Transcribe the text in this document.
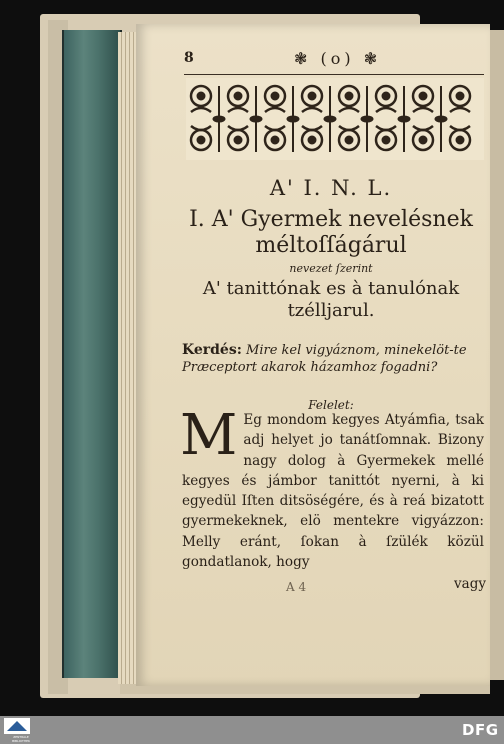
8	❃ (o) ❃
A' I. N. L.
I. A' Gyermek nevelésnek
méltoſſágárul
nevezet ſzerint
A' tanittónak es à tanulónak
tzélljarul.
Kerdés: Mire kel vigyáznom, minekelöt-te Præceptort akarok házamhoz fogadni?
Felelet:
M Eg mondom kegyes Atyámfia, tsak adj helyet jo tanátſomnak. Bizony nagy dolog à Gyermekek mellé kegyes és jámbor tanittót nyerni, à ki egyedül Iſten ditsöségére, és à reá bizatott gyermekeknek, elö mentekre vigyázzon: Melly eránt, ſokan à ſzülék közül gondatlanok, hogy
A 4	vagy
ZENTRALE BIBLIOTHEK
DFG
